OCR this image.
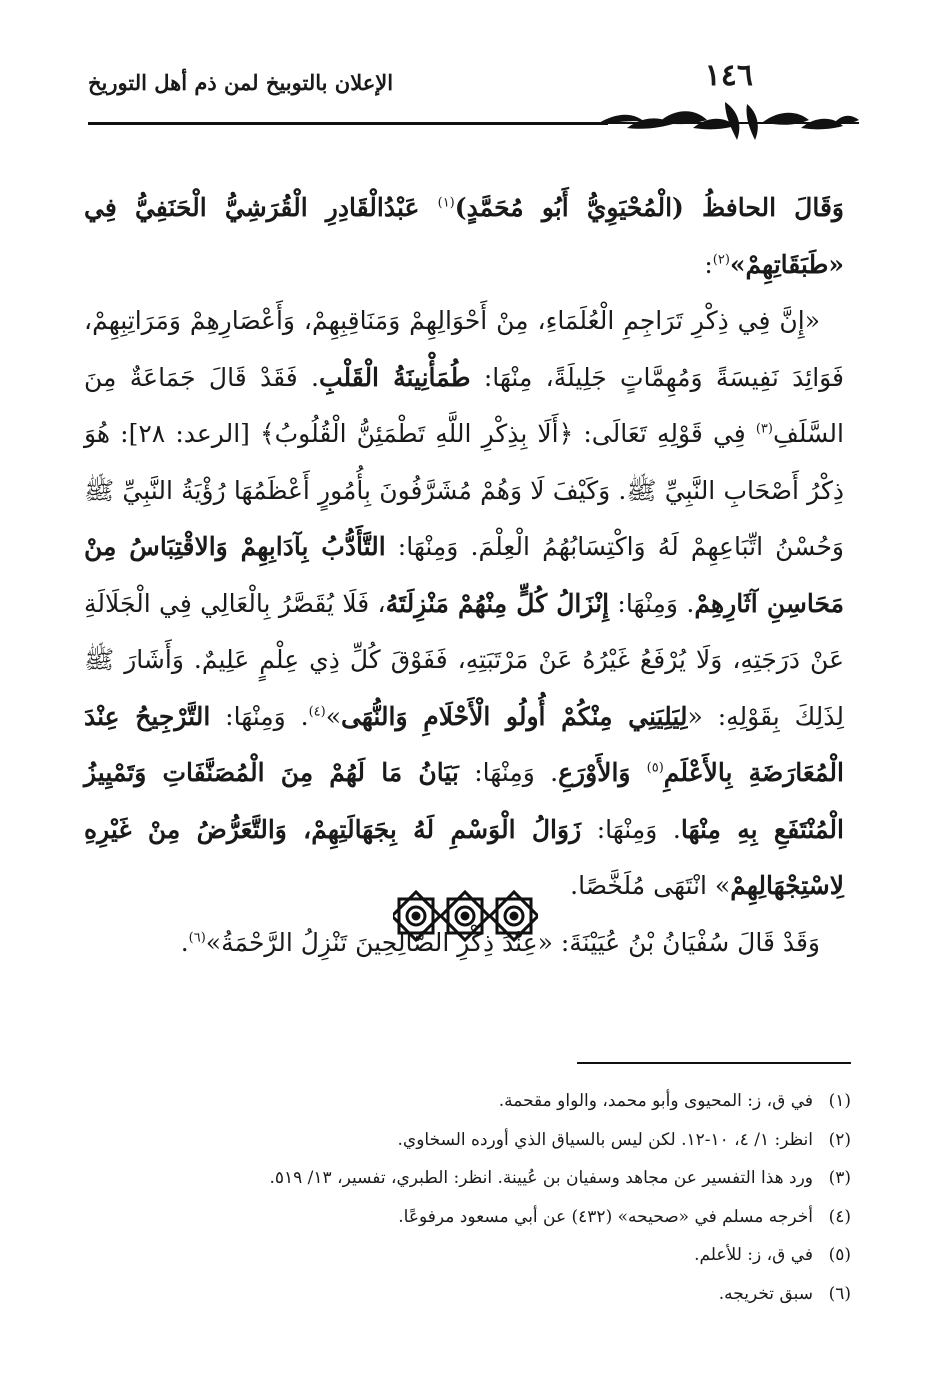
١٤٦
الإعلان بالتوبيخ لمن ذم أهل التوريخ

وَقَالَ الحافظُ (الْمُحْيَوِيُّ أَبُو مُحَمَّدٍ)$^{(١)}$ عَبْدُالْقَادِرِ الْقُرَشِيُّ الْحَنَفِيُّ فِي «طَبَقَاتِهِمْ»$^{(٢)}$:

«إِنَّ فِي ذِكْرِ تَرَاجِمِ الْعُلَمَاءِ، مِنْ أَحْوَالِهِمْ وَمَنَاقِبِهِمْ، وَأَعْصَارِهِمْ وَمَرَاتِبِهِمْ، فَوَائِدَ نَفِيسَةً وَمُهِمَّاتٍ جَلِيلَةً، مِنْهَا: طُمَأْنِينَةُ الْقَلْبِ. فَقَدْ قَالَ جَمَاعَةٌ مِنَ السَّلَفِ$^{(٣)}$ فِي قَوْلِهِ تَعَالَى: ﴿أَلَا بِذِكْرِ اللَّهِ تَطْمَئِنُّ الْقُلُوبُ﴾ [الرعد: ٢٨]: هُوَ ذِكْرُ أَصْحَابِ النَّبِيِّ ﷺ. وَكَيْفَ لَا وَهُمْ مُشَرَّفُونَ بِأُمُورٍ أَعْظَمُهَا رُؤْيَةُ النَّبِيِّ ﷺ وَحُسْنُ اتِّبَاعِهِمْ لَهُ وَاكْتِسَابُهُمُ الْعِلْمَ. وَمِنْهَا: التَّأَدُّبُ بِآدَابِهِمْ وَالاقْتِبَاسُ مِنْ مَحَاسِنِ آثَارِهِمْ. وَمِنْهَا: إِنْزَالُ كُلٍّ مِنْهُمْ مَنْزِلَتَهُ، فَلَا يُقَصَّرُ بِالْعَالِي فِي الْجَلَالَةِ عَنْ دَرَجَتِهِ، وَلَا يُرْفَعُ غَيْرُهُ عَنْ مَرْتَبَتِهِ، فَفَوْقَ كُلِّ ذِي عِلْمٍ عَلِيمٌ. وَأَشَارَ ﷺ لِذَلِكَ بِقَوْلِهِ: «لِيَلِيَنِي مِنْكُمْ أُولُو الْأَحْلَامِ وَالنُّهَى»$^{(٤)}$. وَمِنْهَا: التَّرْجِيحُ عِنْدَ الْمُعَارَضَةِ بِالأَعْلَمِ$^{(٥)}$ وَالأَوْرَعِ. وَمِنْهَا: بَيَانُ مَا لَهُمْ مِنَ الْمُصَنَّفَاتِ وَتَمْيِيزُ الْمُنْتَفَعِ بِهِ مِنْهَا. وَمِنْهَا: زَوَالُ الْوَسْمِ لَهُ بِجَهَالَتِهِمْ، وَالتَّعَرُّضُ مِنْ غَيْرِهِ لِاسْتِجْهَالِهِمْ» انْتَهَى مُلَخَّصًا.

وَقَدْ قَالَ سُفْيَانُ بْنُ عُيَيْنَةَ: «عِنْدَ ذِكْرِ الصَّالِحِينَ تَنْزِلُ الرَّحْمَةُ»$^{(٦)}$.

(١)في ق، ز: المحيوى وأبو محمد، والواو مقحمة.
(٢)انظر: ١/ ٤، ١٠-١٢. لكن ليس بالسياق الذي أورده السخاوي.
(٣)ورد هذا التفسير عن مجاهد وسفيان بن عُيينة. انظر: الطبري، تفسير، ١٣/ ٥١٩.
(٤)أخرجه مسلم في «صحيحه» (٤٣٢) عن أبي مسعود مرفوعًا.
(٥)في ق، ز: للأعلم.
(٦)سبق تخريجه.
